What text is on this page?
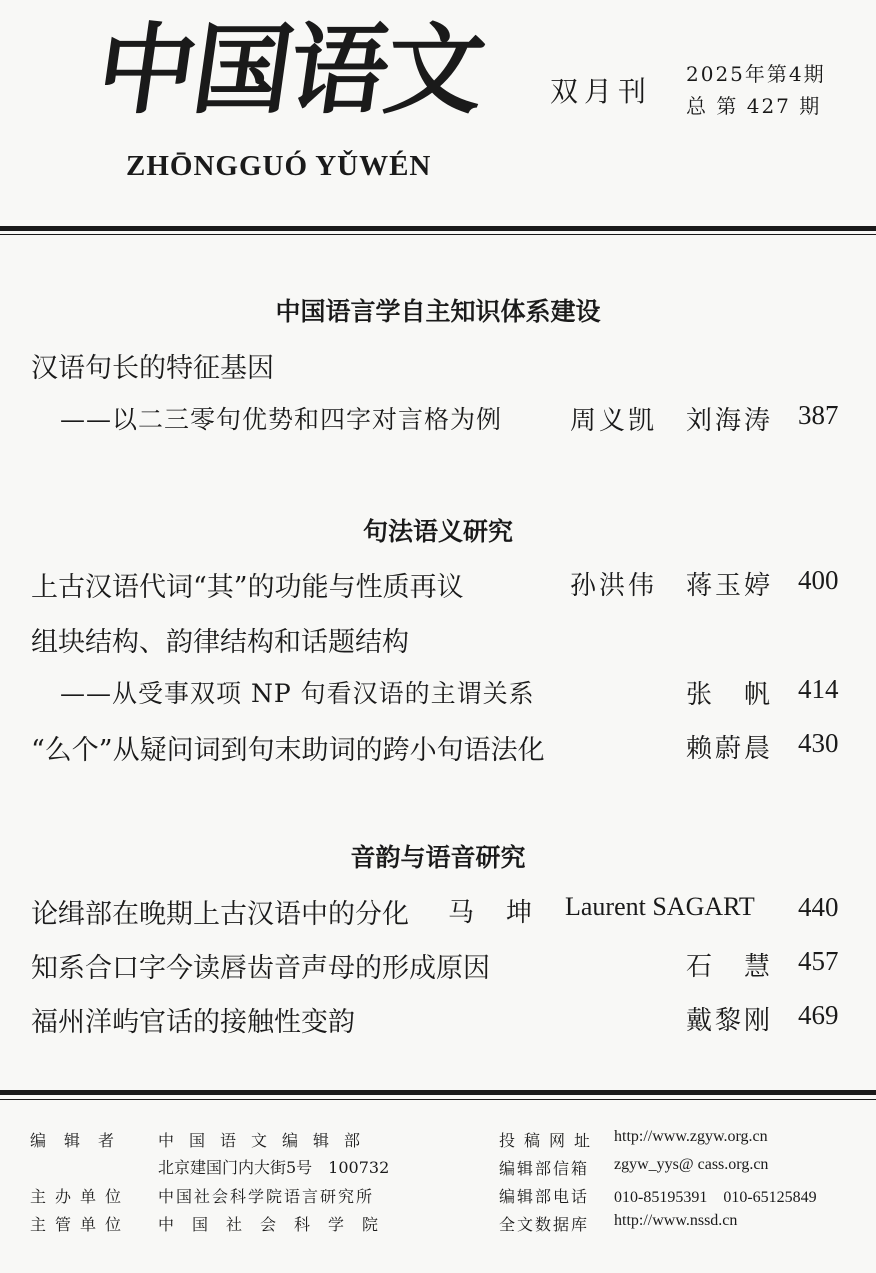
中国语文
ZHŌNGGUÓ YǓWÉN
双月刊
2025年第4期
总 第 427 期
中国语言学自主知识体系建设
汉语句长的特征基因
——以二三零句优势和四字对言格为例	周义凯　刘海涛 387
句法语义研究
上古汉语代词“其”的功能与性质再议	孙洪伟　蒋玉婷 400
组块结构、韵律结构和话题结构
——从受事双项 NP 句看汉语的主谓关系	张　帆 414
“么个”从疑问词到句末助词的跨小句语法化	赖蔚晨 430
音韵与语音研究
论缉部在晚期上古汉语中的分化 马　坤 Laurent SAGART 440
知系合口字今读唇齿音声母的形成原因	石　慧 457
福州洋屿官话的接触性变韵	戴黎刚 469
编辑者 中国语文编辑部
北京建国门内大街5号　100732
主办单位 中国社会科学院语言研究所
主管单位 中国社会科学院
投稿网址 http://www.zgyw.org.cn
编辑部信箱 zgyw_yys@ cass.org.cn
编辑部电话 010-85195391　010-65125849
全文数据库 http://www.nssd.cn
